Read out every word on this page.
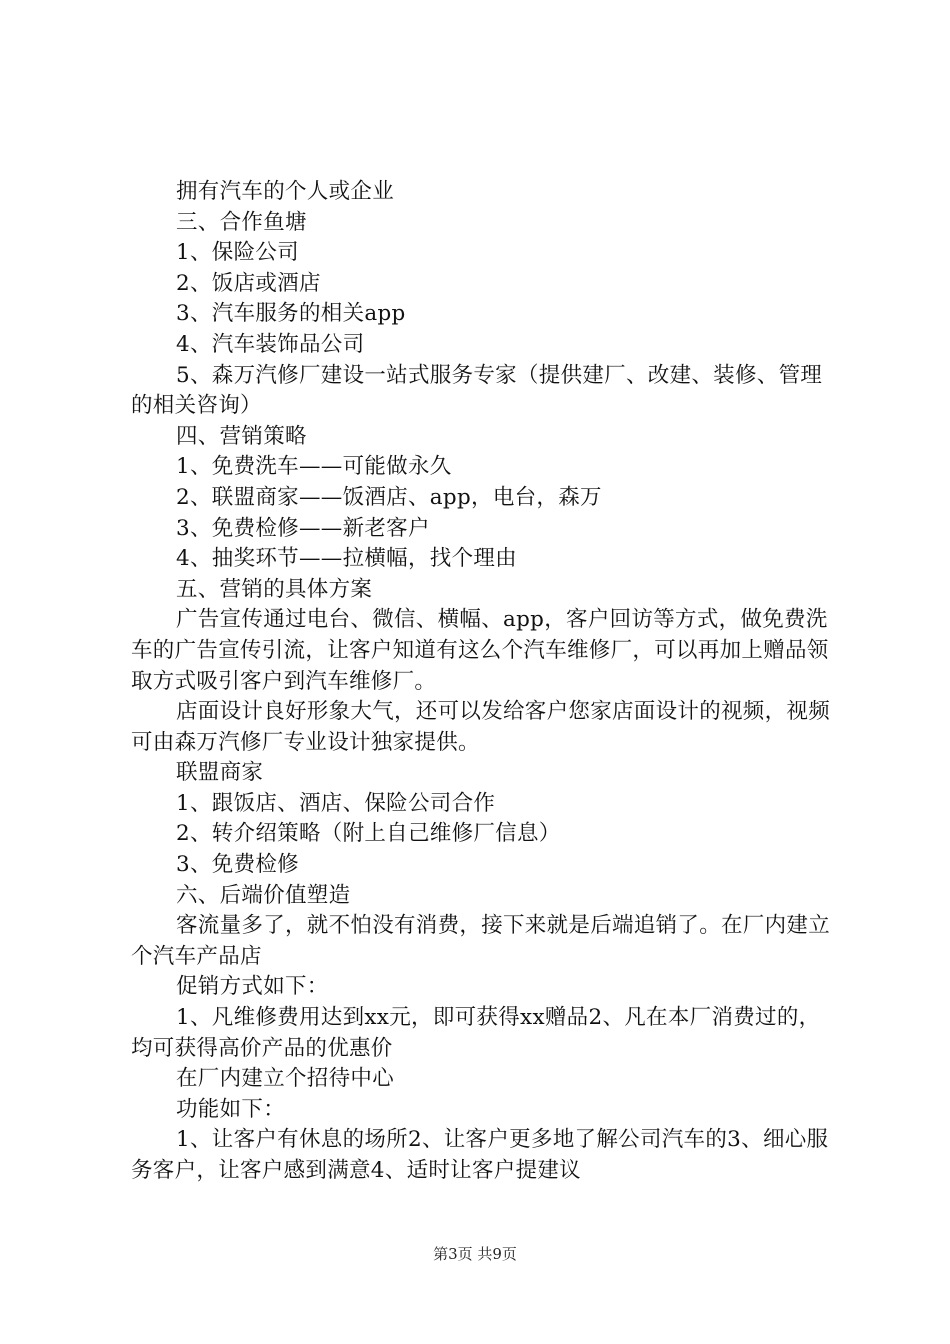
拥有汽车的个人或企业

三、合作鱼塘

1、保险公司

2、饭店或酒店

3、汽车服务的相关app

4、汽车装饰品公司

5、森万汽修厂建设一站式服务专家（提供建厂、改建、装修、管理的相关咨询）

四、营销策略

1、免费洗车——可能做永久

2、联盟商家——饭酒店、app，电台，森万

3、免费检修——新老客户

4、抽奖环节——拉横幅，找个理由

五、营销的具体方案

广告宣传通过电台、微信、横幅、app，客户回访等方式，做免费洗车的广告宣传引流，让客户知道有这么个汽车维修厂，可以再加上赠品领取方式吸引客户到汽车维修厂。

店面设计良好形象大气，还可以发给客户您家店面设计的视频，视频可由森万汽修厂专业设计独家提供。

联盟商家

1、跟饭店、酒店、保险公司合作

2、转介绍策略（附上自己维修厂信息）

3、免费检修

六、后端价值塑造

客流量多了，就不怕没有消费，接下来就是后端追销了。在厂内建立个汽车产品店

促销方式如下：

1、凡维修费用达到xx元，即可获得xx赠品2、凡在本厂消费过的，均可获得高价产品的优惠价

在厂内建立个招待中心

功能如下：

1、让客户有休息的场所2、让客户更多地了解公司汽车的3、细心服务客户，让客户感到满意4、适时让客户提建议

第3页 共9页
